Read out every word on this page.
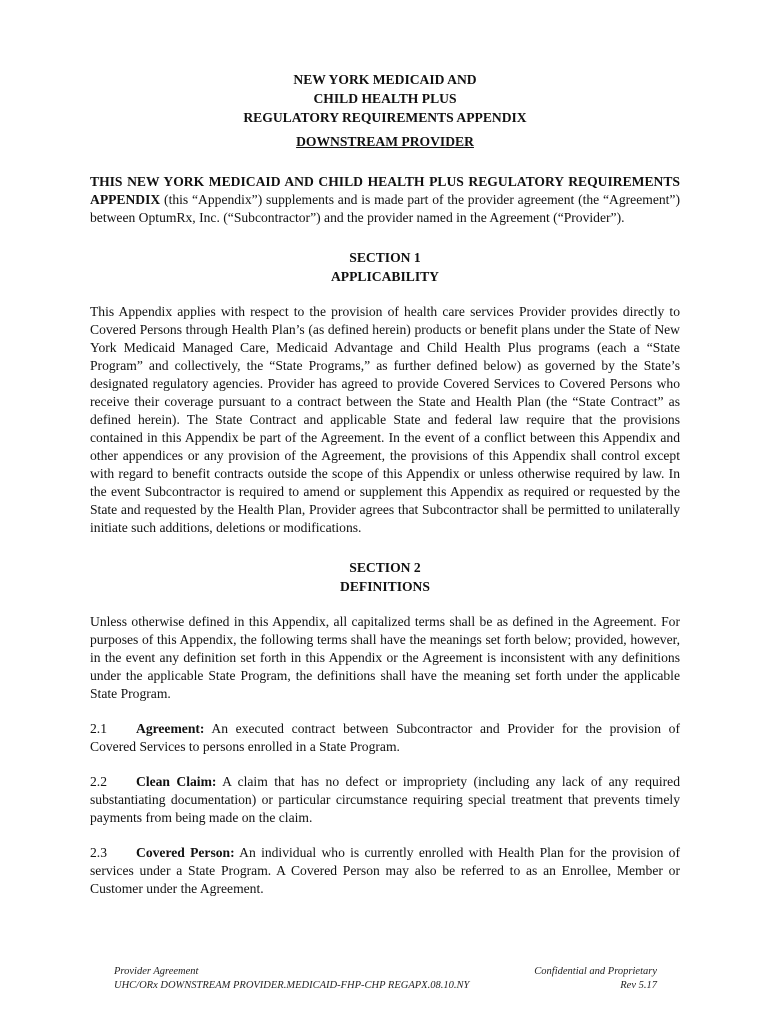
NEW YORK MEDICAID AND
CHILD HEALTH PLUS
REGULATORY REQUIREMENTS APPENDIX
DOWNSTREAM PROVIDER
THIS NEW YORK MEDICAID AND CHILD HEALTH PLUS REGULATORY REQUIREMENTS APPENDIX (this “Appendix”) supplements and is made part of the provider agreement (the “Agreement”) between OptumRx, Inc. (“Subcontractor”) and the provider named in the Agreement (“Provider”).
SECTION 1
APPLICABILITY
This Appendix applies with respect to the provision of health care services Provider provides directly to Covered Persons through Health Plan’s (as defined herein) products or benefit plans under the State of New York Medicaid Managed Care, Medicaid Advantage and Child Health Plus programs (each a “State Program” and collectively, the “State Programs,” as further defined below) as governed by the State’s designated regulatory agencies. Provider has agreed to provide Covered Services to Covered Persons who receive their coverage pursuant to a contract between the State and Health Plan (the “State Contract” as defined herein). The State Contract and applicable State and federal law require that the provisions contained in this Appendix be part of the Agreement. In the event of a conflict between this Appendix and other appendices or any provision of the Agreement, the provisions of this Appendix shall control except with regard to benefit contracts outside the scope of this Appendix or unless otherwise required by law. In the event Subcontractor is required to amend or supplement this Appendix as required or requested by the State and requested by the Health Plan, Provider agrees that Subcontractor shall be permitted to unilaterally initiate such additions, deletions or modifications.
SECTION 2
DEFINITIONS
Unless otherwise defined in this Appendix, all capitalized terms shall be as defined in the Agreement. For purposes of this Appendix, the following terms shall have the meanings set forth below; provided, however, in the event any definition set forth in this Appendix or the Agreement is inconsistent with any definitions under the applicable State Program, the definitions shall have the meaning set forth under the applicable State Program.
2.1 Agreement: An executed contract between Subcontractor and Provider for the provision of Covered Services to persons enrolled in a State Program.
2.2 Clean Claim: A claim that has no defect or impropriety (including any lack of any required substantiating documentation) or particular circumstance requiring special treatment that prevents timely payments from being made on the claim.
2.3 Covered Person: An individual who is currently enrolled with Health Plan for the provision of services under a State Program. A Covered Person may also be referred to as an Enrollee, Member or Customer under the Agreement.
Provider Agreement
UHC/ORx DOWNSTREAM PROVIDER.MEDICAID-FHP-CHP REGAPX.08.10.NY
Confidential and Proprietary
Rev 5.17
